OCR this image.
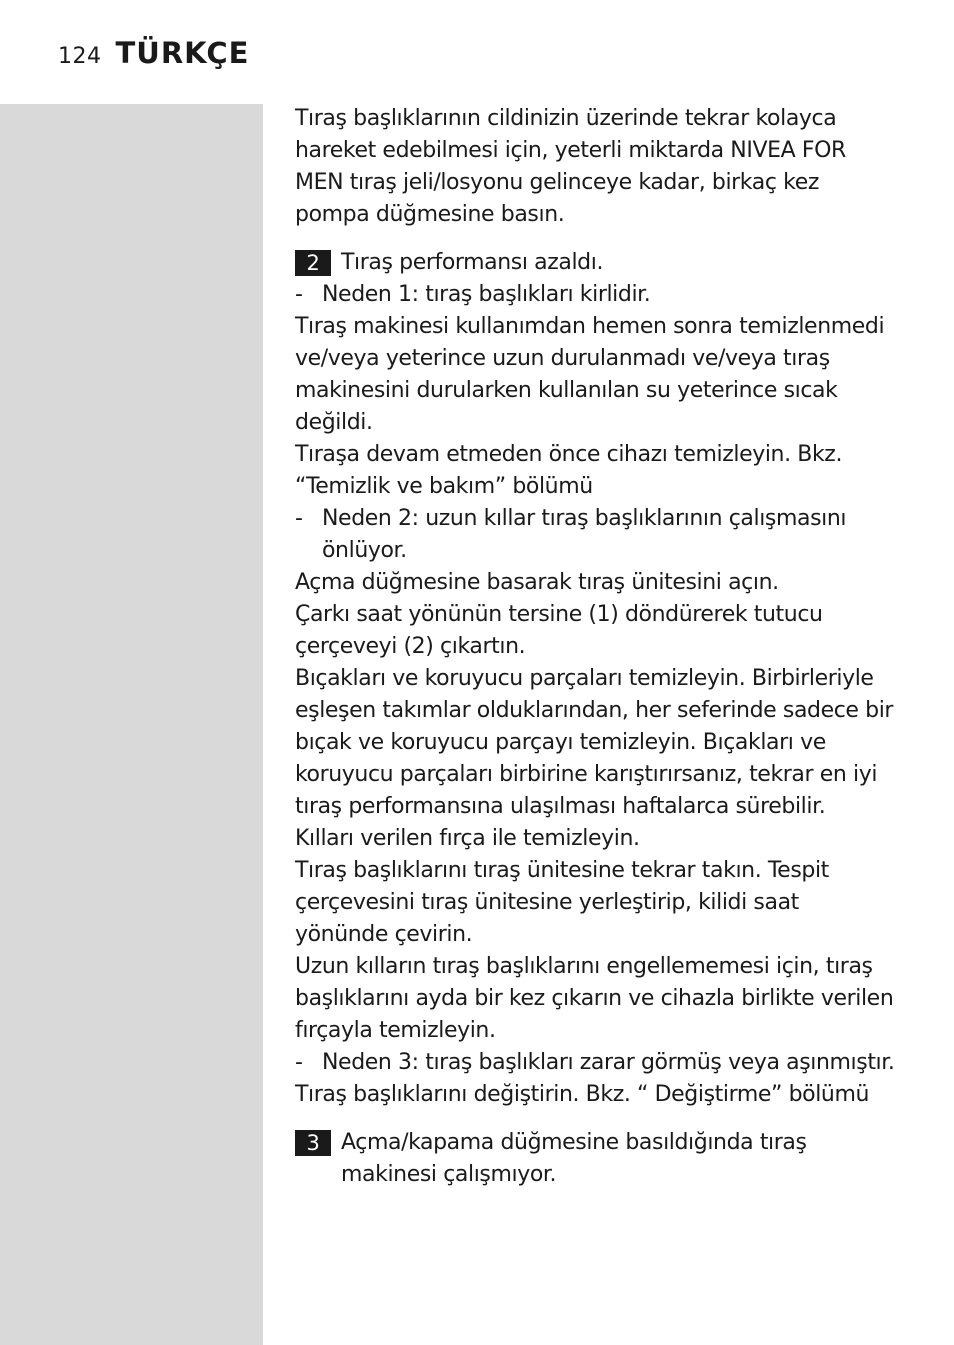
124 TÜRKÇE

Tıraş başlıklarının cildinizin üzerinde tekrar kolayca hareket edebilmesi için, yeterli miktarda NIVEA FOR MEN tıraş jeli/losyonu gelinceye kadar, birkaç kez pompa düğmesine basın.

2 Tıraş performansı azaldı.
- Neden 1: tıraş başlıkları kirlidir.

Tıraş makinesi kullanımdan hemen sonra temizlenmedi ve/veya yeterince uzun durulanmadı ve/veya tıraş makinesini durularken kullanılan su yeterince sıcak değildi.

Tıraşa devam etmeden önce cihazı temizleyin. Bkz. “Temizlik ve bakım” bölümü

- Neden 2: uzun kıllar tıraş başlıklarının çalışmasını önlüyor.

Açma düğmesine basarak tıraş ünitesini açın.

Çarkı saat yönünün tersine (1) döndürerek tutucu çerçeveyi (2) çıkartın.

Bıçakları ve koruyucu parçaları temizleyin. Birbirleriyle eşleşen takımlar olduklarından, her seferinde sadece bir bıçak ve koruyucu parçayı temizleyin. Bıçakları ve koruyucu parçaları birbirine karıştırırsanız, tekrar en iyi tıraş performansına ulaşılması haftalarca sürebilir.

Kılları verilen fırça ile temizleyin.

Tıraş başlıklarını tıraş ünitesine tekrar takın. Tespit çerçevesini tıraş ünitesine yerleştirip, kilidi saat yönünde çevirin.

Uzun kılların tıraş başlıklarını engellememesi için, tıraş başlıklarını ayda bir kez çıkarın ve cihazla birlikte verilen fırçayla temizleyin.

- Neden 3: tıraş başlıkları zarar görmüş veya aşınmıştır.

Tıraş başlıklarını değiştirin. Bkz. “ Değiştirme” bölümü

3 Açma/kapama düğmesine basıldığında tıraş makinesi çalışmıyor.
